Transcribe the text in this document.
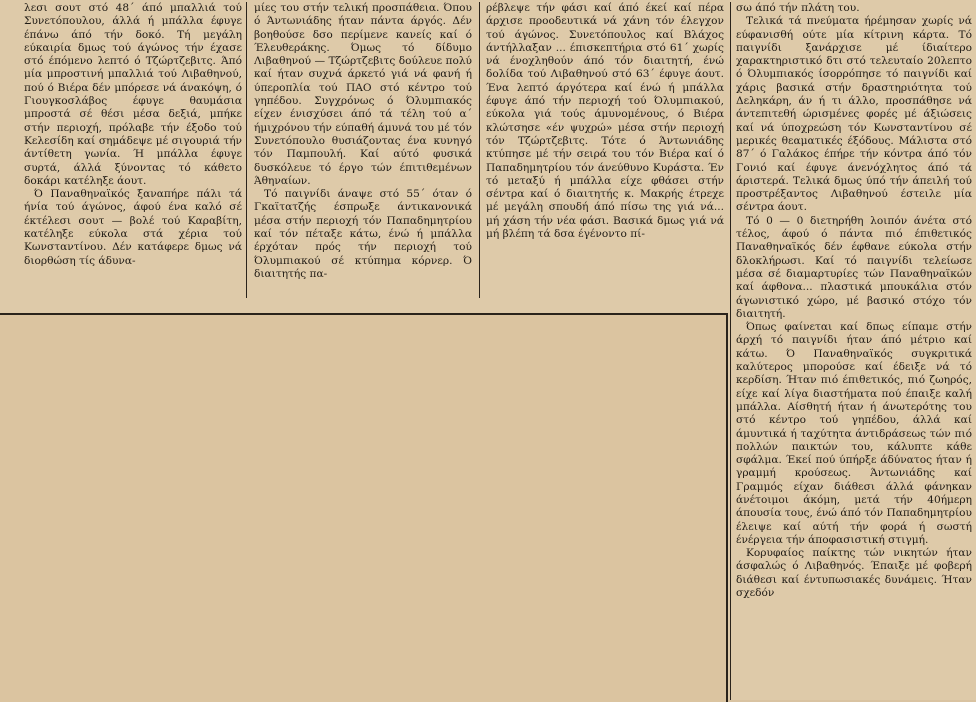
λεσι σουτ στό 48΄ άπό μπαλλιά τού Συνετόπουλου, άλλά ή μπάλλα έφυγε έπάνω άπό τήν δοκό. Τή μεγάλη εύκαιρία δμως τού άγώνος τήν έχασε στό έπόμενο λεπτό ό Τζώρτζεβιτς. Άπό μία μπροστινή μπαλλιά τού Λιβαθηνού, πού ό Βιέρα δέν μπόρεσε νά άνακόψη, ό Γιουγκοσλάβος έφυγε θαυμάσια μπροστά σέ θέσι μέσα δεξιά, μπήκε στήν περιοχή, πρόλαβε τήν έξοδο τού Κελεσίδη καί σημάδεψε μέ σιγουριά τήν άντίθετη γωνία. Ή μπάλλα έφυγε συρτά, άλλά ξύνοντας τό κάθετο δοκάρι κατέληξε άουτ.

Ό Παναθηναϊκός ξαναπήρε πάλι τά ήνία τού άγώνος, άφού ένα καλό σέ έκτέλεσι σουτ — βολέ τού Καραβίτη, κατέληξε εύκολα στά χέρια τού Κωνσταντίνου. Δέν κατάφερε δμως νά διορθώση τίς άδυνα-

μίες του στήν τελική προσπάθεια. Όπου ό Άντωνιάδης ήταν πάντα άργός. Δέν βοηθούσε δσο περίμενε κανείς καί ό Έλευθεράκης. Όμως τό δίδυμο Λιβαθηνού — Τζώρτζεβιτς δούλευε πολύ καί ήταν συχνά άρκετό γιά νά φανή ή ύπεροπλία τού ΠΑΟ στό κέντρο τού γηπέδου. Συγχρόνως ό Όλυμπιακός είχεν ένισχύσει άπό τά τέλη τού α΄ ήμιχρόνου τήν εύπαθή άμυνά του μέ τόν Συνετόπουλο θυσιάζοντας ένα κυνηγό τόν Παμπουλή. Καί αύτό φυσικά δυσκόλευε τό έργο τών έπιτιθεμένων Άθηναίων.

Τό παιγνίδι άναψε στό 55΄ όταν ό Γκαϊτατζής έσπρωξε άντικανονικά μέσα στήν περιοχή τόν Παπαδημητρίου καί τόν πέταξε κάτω, ένώ ή μπάλλα έρχόταν πρός τήν περιοχή τού Όλυμπιακού σέ κτύπημα κόρνερ. Ό διαιτητής πα-

ρέβλεψε τήν φάσι καί άπό έκεί καί πέρα άρχισε προοδευτικά νά χάνη τόν έλεγχον τού άγώνος. Συνετόπουλος καί Βλάχος άντήλλαξαν ... έπισκεπτήρια στό 61΄ χωρίς νά ένοχληθούν άπό τόν διαιτητή, ένώ δολίδα τού Λιβαθηνού στό 63΄ έφυγε άουτ. Ένα λεπτό άργότερα καί ένώ ή μπάλλα έφυγε άπό τήν περιοχή τού Όλυμπιακού, εύκολα γιά τούς άμυνομένους, ό Βιέρα κλώτσησε «έν ψυχρώ» μέσα στήν περιοχή τόν Τζώρτζεβιτς. Τότε ό Άντωνιάδης κτύπησε μέ τήν σειρά του τόν Βιέρα καί ό Παπαδημητρίου τόν άνεύθυνο Κυράστα. Έν τό μεταξύ ή μπάλλα είχε φθάσει στήν σέντρα καί ό διαιτητής κ. Μακρής έτρεχε μέ μεγάλη σπουδή άπό πίσω της γιά νά... μή χάση τήν νέα φάσι. Βασικά δμως γιά νά μή βλέπη τά δσα έγένοντο πί-

σω άπό τήν πλάτη του.

Τελικά τά πνεύματα ήρέμησαν χωρίς νά εύφανισθή ούτε μία κίτρινη κάρτα. Τό παιγνίδι ξανάρχισε μέ ίδιαίτερο χαρακτηριστικό δτι στό τελευταίο 20λεπτο ό Όλυμπιακός ίσορρόπησε τό παιγνίδι καί χάρις βασικά στήν δραστηριότητα τού Δεληκάρη, άν ή τι άλλο, προσπάθησε νά άντεπιτεθή ώρισμένες φορές μέ άξιώσεις καί νά ύποχρεώση τόν Κωνσταντίνου σέ μερικές θεαματικές έξόδους. Μάλιστα στό 87΄ ό Γαλάκος έπήρε τήν κόντρα άπό τόν Γονιό καί έφυγε άνενόχλητος άπό τά άριστερά. Τελικά δμως ύπό τήν άπειλή τού προστρέξαντος Λιβαθηνού έστειλε μία σέντρα άουτ.

Τό 0 — 0 διετηρήθη λοιπόν άνέτα στό τέλος, άφού ό πάντα πιό έπιθετικός Παναθηναϊκός δέν έφθανε εύκολα στήν δλοκλήρωσι. Καί τό παιγνίδι τελείωσε μέσα σέ διαμαρτυρίες τών Παναθηναϊκών καί άφθονα... πλαστικά μπουκάλια στόν άγωνιστικό χώρο, μέ βασικό στόχο τόν διαιτητή.

Όπως φαίνεται καί δπως είπαμε στήν άρχή τό παιγνίδι ήταν άπό μέτριο καί κάτω. Ό Παναθηναϊκός συγκριτικά καλύτερος μπορούσε καί έδειξε νά τό κερδίση. Ήταν πιό έπιθετικός, πιό ζωηρός, είχε καί λίγα διαστήματα πού έπαιξε καλή μπάλλα. Αίσθητή ήταν ή άνωτερότης του στό κέντρο τού γηπέδου, άλλά καί άμυντικά ή ταχύτητα άντιδράσεως τών πιό πολλών παικτών του, κάλυπτε κάθε σφάλμα. Έκεί πού ύπήρξε άδύνατος ήταν ή γραμμή κρούσεως. Άντωνιάδης καί Γραμμός είχαν διάθεσι άλλά φάνηκαν άνέτοιμοι άκόμη, μετά τήν 40ήμερη άπουσία τους, ένώ άπό τόν Παπαδημητρίου έλειψε καί αύτή τήν φορά ή σωστή ένέργεια τήν άποφασιστική στιγμή.

Κορυφαίος παίκτης τών νικητών ήταν άσφαλώς ό Λιβαθηνός. Έπαιξε μέ φοβερή διάθεσι καί έντυπωσιακές δυνάμεις. Ήταν σχεδόν
